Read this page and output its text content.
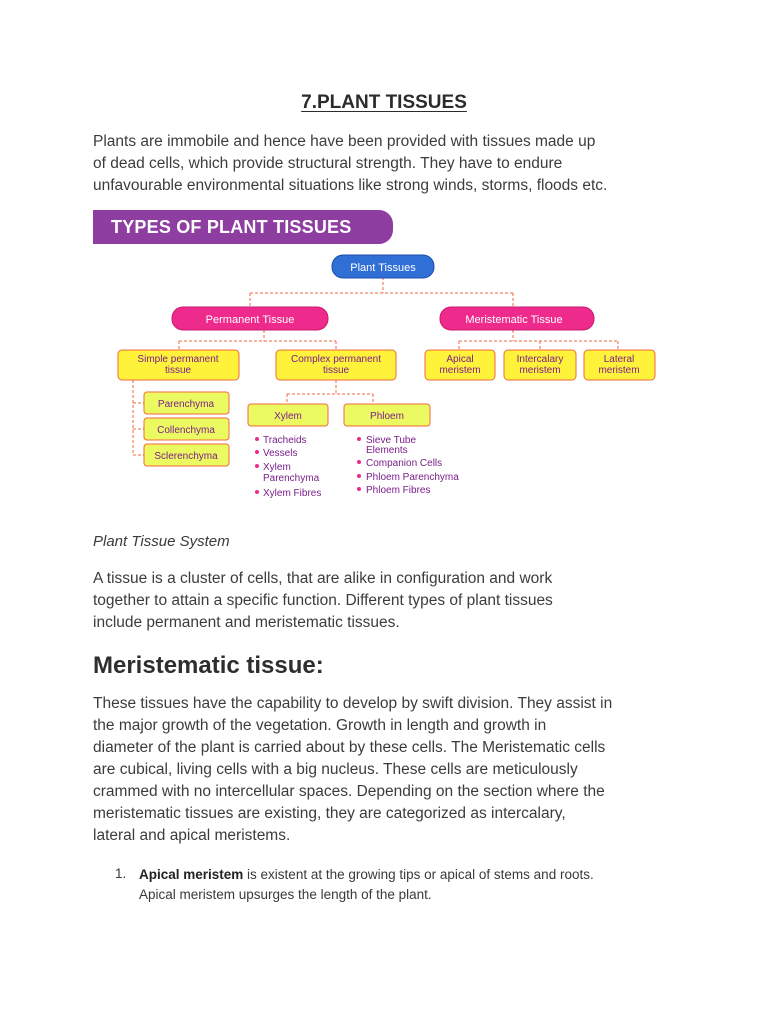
7.PLANT TISSUES
Plants are immobile and hence have been provided with tissues made up
of dead cells, which provide structural strength. They have to endure
unfavourable environmental situations like strong winds, storms, floods etc.
TYPES OF PLANT TISSUES
Plant Tissues
Permanent Tissue	Meristematic Tissue
Simple permanent
tissue
Complex permanent
tissue
Apical
meristem
Intercalary
meristem
Lateral
meristem
Parenchyma
Collenchyma
Sclerenchyma
Xylem	Phloem
Tracheids
Vessels
Xylem
Parenchyma
Xylem Fibres
Sieve Tube
Elements
Companion Cells
Phloem Parenchyma
Phloem Fibres
Plant Tissue System
A tissue is a cluster of cells, that are alike in configuration and work
together to attain a specific function. Different types of plant tissues
include permanent and meristematic tissues.
Meristematic tissue:
These tissues have the capability to develop by swift division. They assist in
the major growth of the vegetation. Growth in length and growth in
diameter of the plant is carried about by these cells. The Meristematic cells
are cubical, living cells with a big nucleus. These cells are meticulously
crammed with no intercellular spaces. Depending on the section where the
meristematic tissues are existing, they are categorized as intercalary,
lateral and apical meristems.
1. Apical meristem is existent at the growing tips or apical of stems and roots.
Apical meristem upsurges the length of the plant.
